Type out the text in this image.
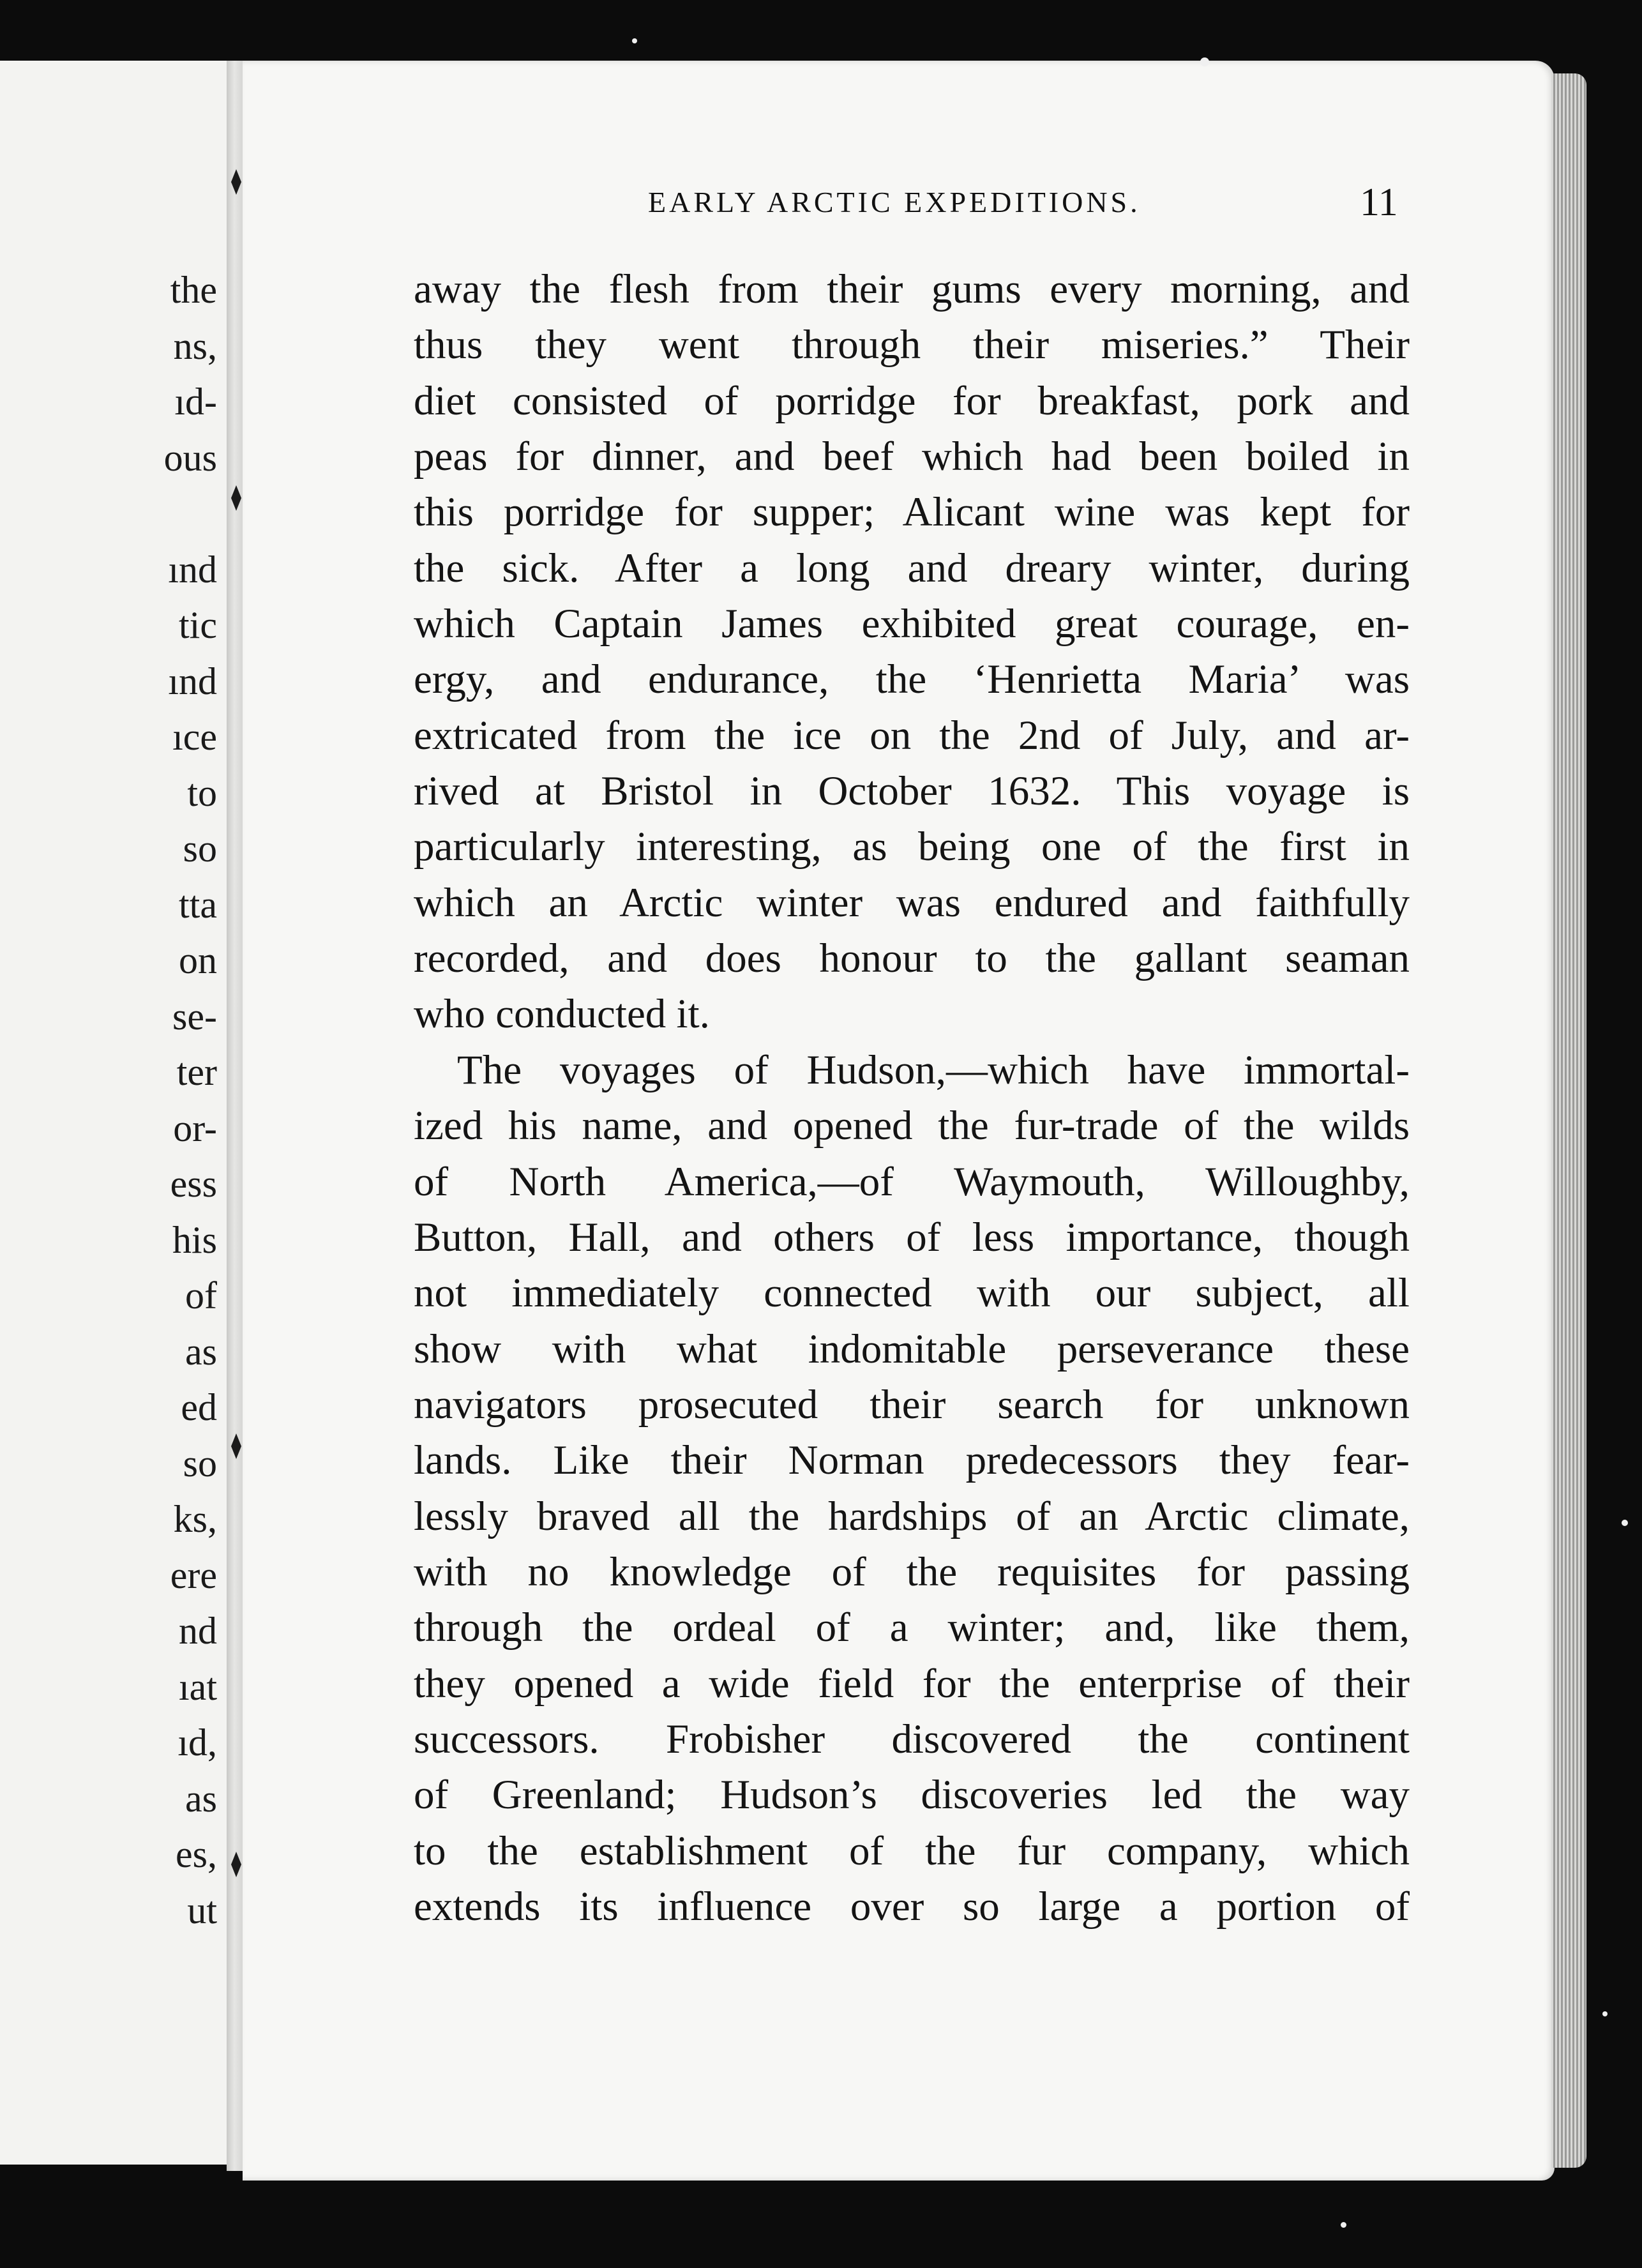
the
ns,
ıd-
ous
ınd
tic
ınd
ıce
to
so
tta
on
se-
ter
or-
ess
his
of
as
ed
so
ks,
ere
nd
ıat
ıd,
as
es,
ut
EARLY ARCTIC EXPEDITIONS.	11
away the flesh from their gums every morning, and
thus they went through their miseries.” Their
diet consisted of porridge for breakfast, pork and
peas for dinner, and beef which had been boiled in
this porridge for supper; Alicant wine was kept for
the sick. After a long and dreary winter, during
which Captain James exhibited great courage, en-
ergy, and endurance, the ‘Henrietta Maria’ was
extricated from the ice on the 2nd of July, and ar-
rived at Bristol in October 1632. This voyage is
particularly interesting, as being one of the first in
which an Arctic winter was endured and faithfully
recorded, and does honour to the gallant seaman
who conducted it.
The voyages of Hudson,—which have immortal-
ized his name, and opened the fur-trade of the wilds
of North America,—of Waymouth, Willoughby,
Button, Hall, and others of less importance, though
not immediately connected with our subject, all
show with what indomitable perseverance these
navigators prosecuted their search for unknown
lands. Like their Norman predecessors they fear-
lessly braved all the hardships of an Arctic climate,
with no knowledge of the requisites for passing
through the ordeal of a winter; and, like them,
they opened a wide field for the enterprise of their
successors. Frobisher discovered the continent
of Greenland; Hudson’s discoveries led the way
to the establishment of the fur company, which
extends its influence over so large a portion of
